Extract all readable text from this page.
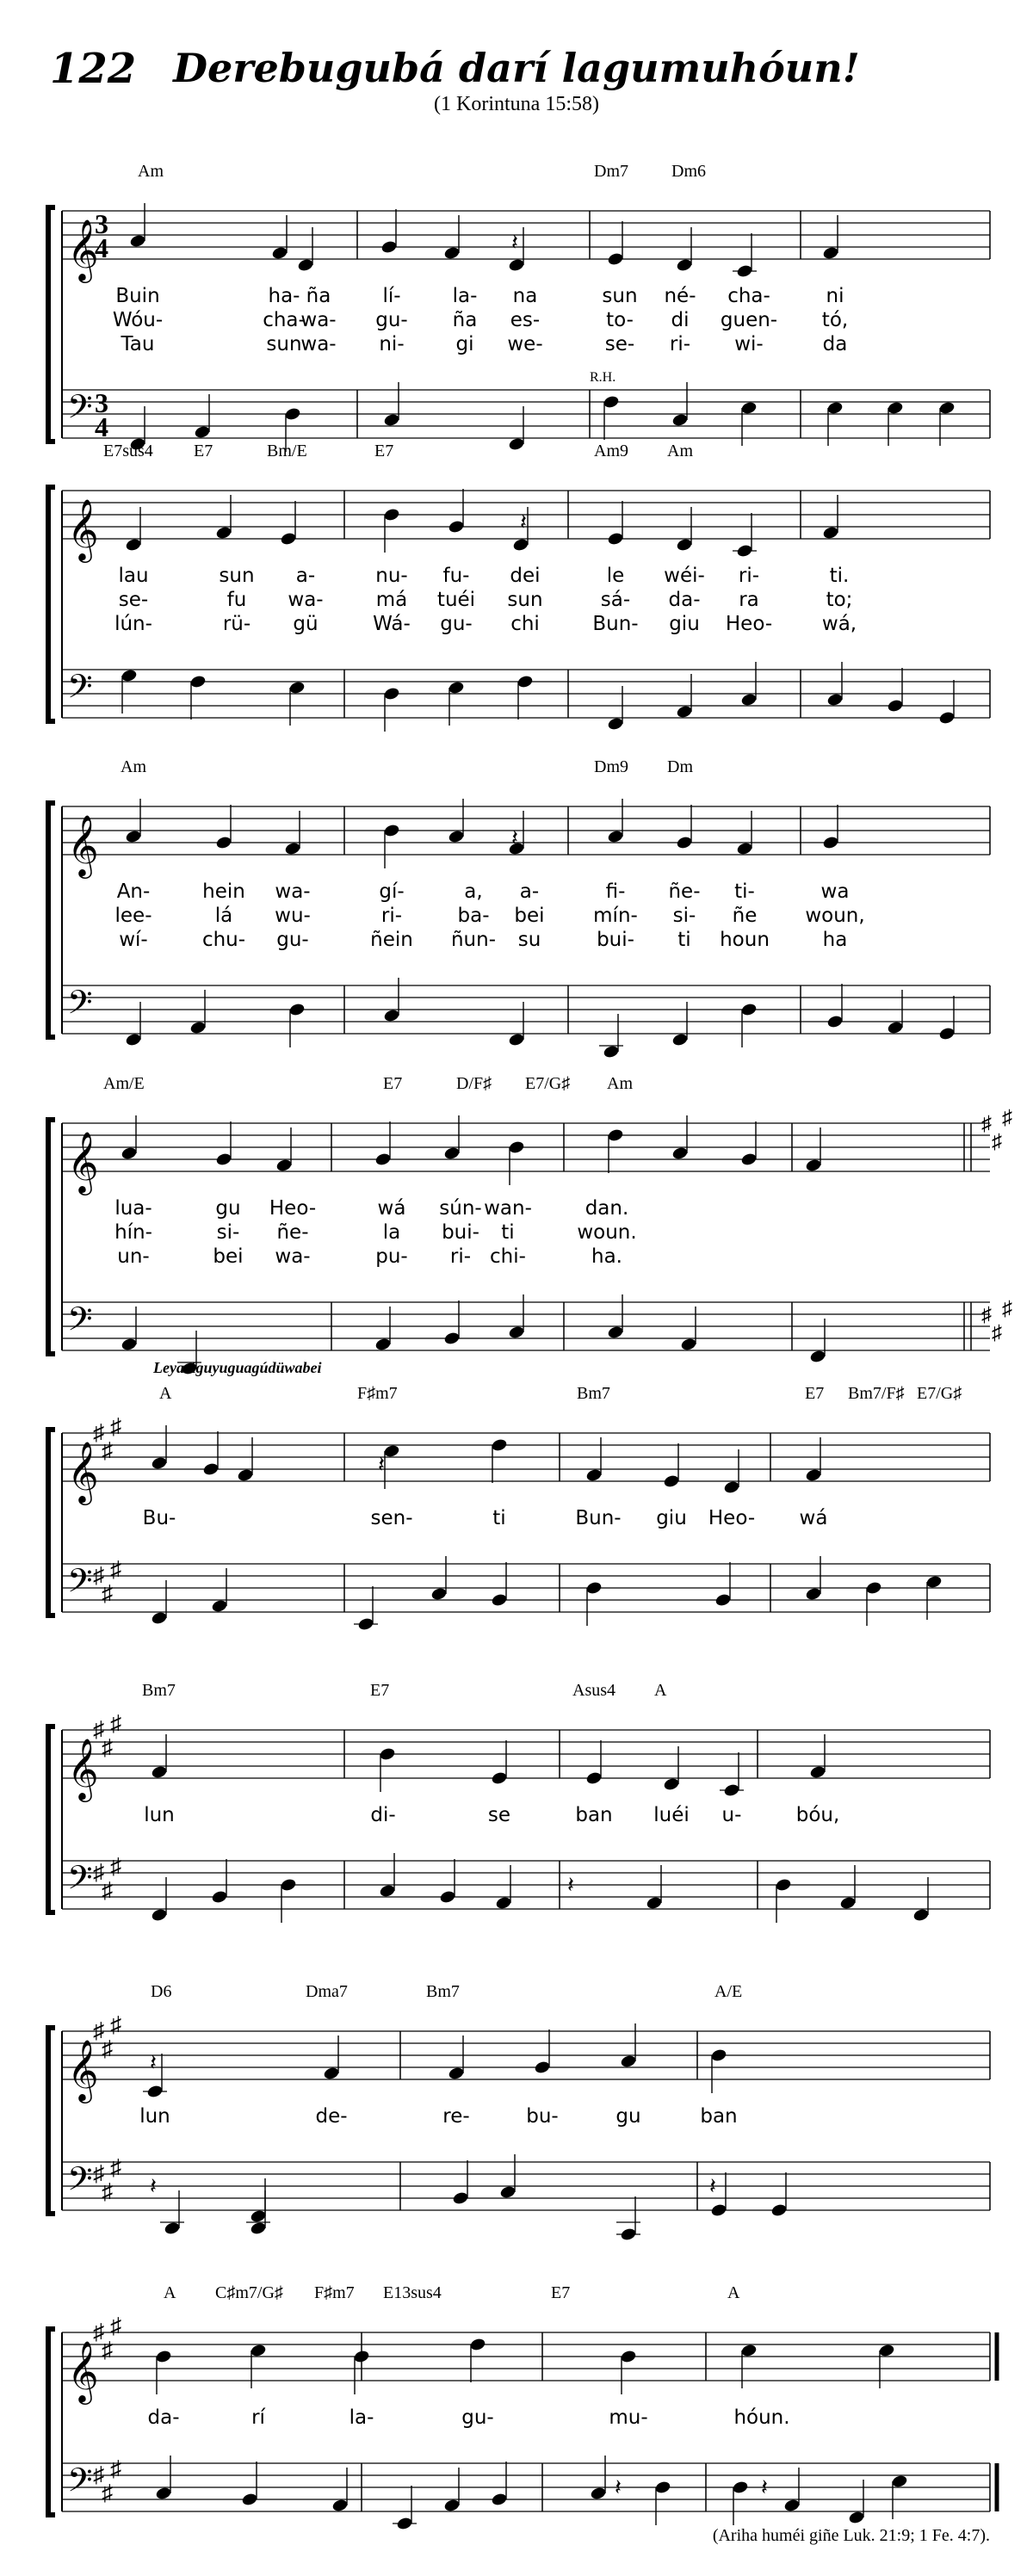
122 Derebugubá darí lagumuhóun!
(1 Korintuna 15:58)
𝄞
𝄢
3
4
3
4
𝄽
Am	Dm7	Dm6
Buin	ha- ña	lí-	la- na	sun né- cha-	ni
Wóu-	cha-
wa- gu- ña es-	to- di guen- tó,
Tau	sun
wa- ni-	gi we-	se- ri- wi-	da
R.H.
𝄞
𝄢
𝄽
E7sus4 E7	Bm/E	E7	Am9 Am
lau	sun a-	nu- fu- dei	le wéi- ri-	ti.
se-	fu wa-	má tuéi sun	sá- da- ra	to;
lún-	rü- gü	Wá- gu- chi	Bun- giu Heo-	wá,
𝄞
𝄢
𝄽
Am	Dm9 Dm
An-	hein wa-	gí-	a, a-	fi- ñe- ti-	wa
lee-	lá wu-	ri-	ba- bei mín- si- ñe woun,
wí-	chu- gu-	ñein ñun- su	bui- ti houn	ha
𝄞
𝄢
♯
♯
♯
♯
♯
♯
Am/E	E7	D/F♯ E7/G♯ Am
lua-	gu Heo-	wá sún- wan-	dan.
hín-	si- ñe-	la bui- ti	woun.
un-	bei wa-	pu- ri- chi-	ha.
𝄞
𝄢
♯
♯
♯
♯
♯
♯
𝄽
A	F♯m7	Bm7	E7 Bm7/F♯ E7/G♯
Bu-	sen-	ti	Bun- giu Heo- wá
Leya águyuguagúdüwabei
𝄞
𝄢
♯
♯
♯
♯
♯
♯
𝄽
Bm7	E7	Asus4 A
lun	di-	se	ban luéi u-	bóu,
𝄞
𝄢
♯
♯
♯
♯
♯
♯
𝄽
𝄽	𝄽
D6	Dma7	Bm7	A/E
lun	de-	re-	bu-	gu	ban
𝄞
𝄢
♯
♯
♯
♯
♯
♯
𝄽	𝄽
A C♯m7/G♯ F♯m7 E13sus4	E7	A
da-	rí	la-	gu-	mu-	hóun.
(Ariha huméi giñe Luk. 21:9; 1 Fe. 4:7).
